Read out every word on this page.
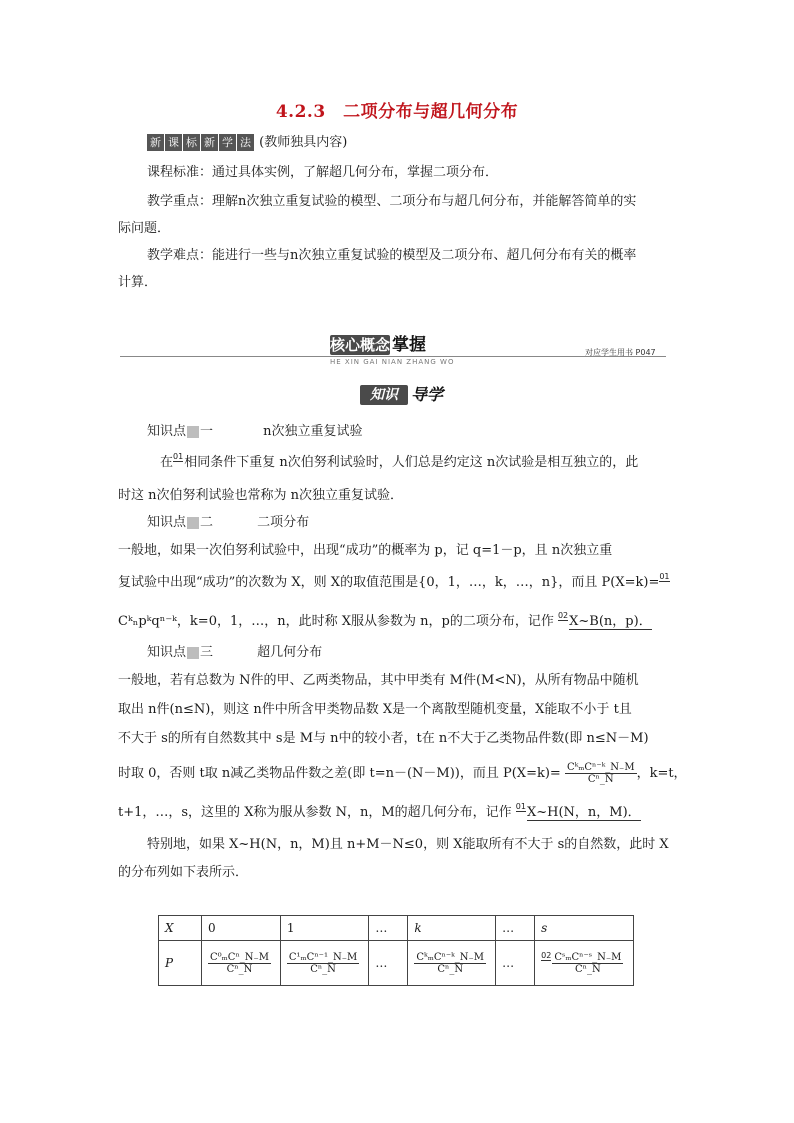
4.2.3　二项分布与超几何分布
新 课 标 新 学 法 (教师独具内容)
课程标准：通过具体实例，了解超几何分布，掌握二项分布．
教学重点：理解n次独立重复试验的模型、二项分布与超几何分布，并能解答简单的实
际问题．
教学难点：能进行一些与n次独立重复试验的模型及二项分布、超几何分布有关的概率
计算．
核心概念 掌握
HE XIN GAI NIAN ZHANG WO
对应学生用书 P047
知识 导学
知识点 一	n次独立重复试验
在01相同条件下重复 n次伯努利试验时，人们总是约定这 n次试验是相互独立的，此
时这 n次伯努利试验也常称为 n次独立重复试验．
知识点 二	二项分布
一般地，如果一次伯努利试验中，出现“成功”的概率为 p，记 q=1－p，且 n次独立重
复试验中出现“成功”的次数为 X，则 X的取值范围是{0，1，…，k，…，n}，而且 P(X=k)=01
Cᵏₙpᵏqⁿ⁻ᵏ，k=0，1，…，n，此时称 X服从参数为 n，p的二项分布，记作 02X~B(n，p)．
知识点 三	超几何分布
一般地，若有总数为 N件的甲、乙两类物品，其中甲类有 M件(M<N)，从所有物品中随机
取出 n件(n≤N)，则这 n件中所含甲类物品数 X是一个离散型随机变量，X能取不小于 t且
不大于 s的所有自然数其中 s是 M与 n中的较小者，t在 n不大于乙类物品件数(即 n≤N－M)
时取 0，否则 t取 n减乙类物品件数之差(即 t=n－(N－M))，而且 $P(X=k)= \frac{\text{CᵏₘCⁿ⁻ᵏ\_N₋M}}{\text{Cⁿ\_N}}$ ，k=t，
t+1，…，s，这里的 X称为服从参数 N，n，M的超几何分布，记作 01X~H(N，n，M)．
特别地，如果 X~H(N，n，M)且 n+M－N≤0，则 X能取所有不大于 s的自然数，此时 X
的分布列如下表所示．
X	0	1	…	k	…	s
P	$\frac{\text{C⁰ₘCⁿ\_N₋M}}{\text{Cⁿ\_N}}$	$\frac{\text{C¹ₘCⁿ⁻¹\_N₋M}}{\text{Cⁿ\_N}}$	…	$\frac{\text{CᵏₘCⁿ⁻ᵏ\_N₋M}}{\text{Cⁿ\_N}}$	…	$02 \frac{\text{CˢₘCⁿ⁻ˢ\_N₋M}}{\text{Cⁿ\_N}}$
